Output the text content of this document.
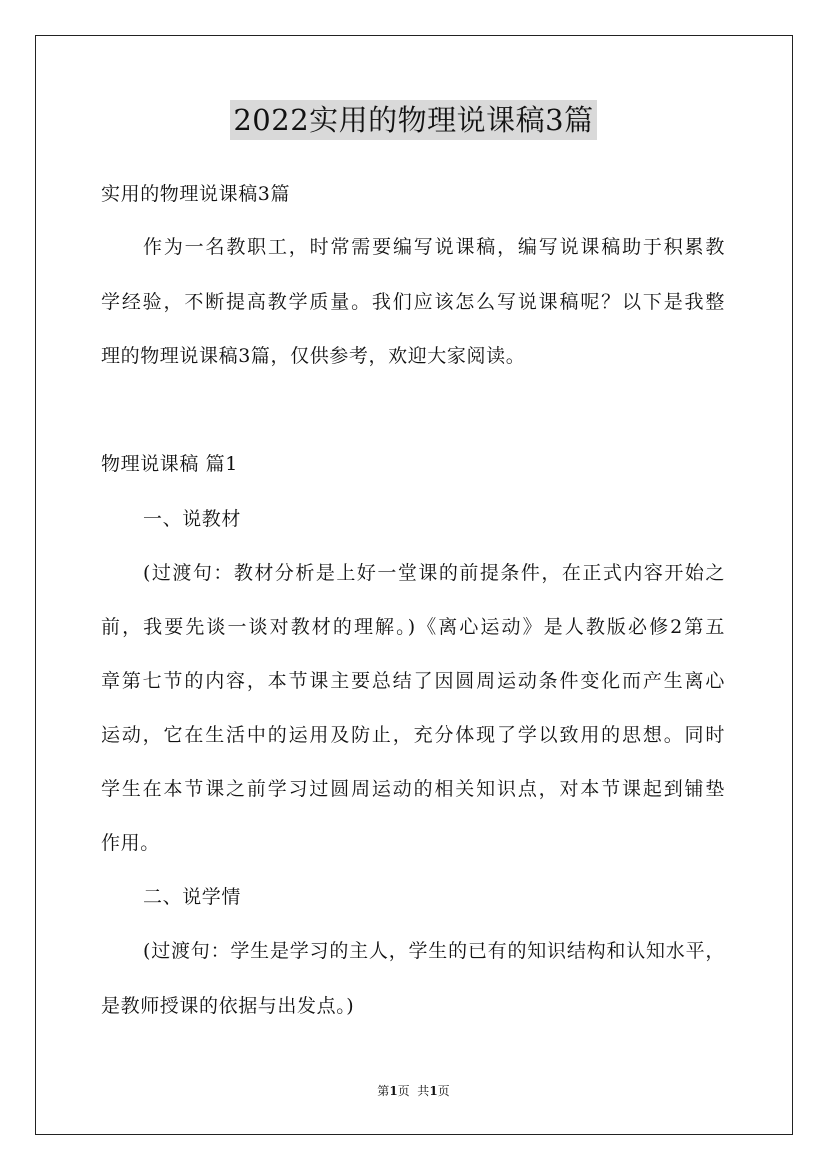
2022实用的物理说课稿3篇
实用的物理说课稿3篇
作为一名教职工，时常需要编写说课稿，编写说课稿助于积累教
学经验，不断提高教学质量。我们应该怎么写说课稿呢？以下是我整
理的物理说课稿3篇，仅供参考，欢迎大家阅读。
物理说课稿 篇1
一、说教材
(过渡句：教材分析是上好一堂课的前提条件，在正式内容开始之
前，我要先谈一谈对教材的理解。)《离心运动》是人教版必修2第五
章第七节的内容，本节课主要总结了因圆周运动条件变化而产生离心
运动，它在生活中的运用及防止，充分体现了学以致用的思想。同时
学生在本节课之前学习过圆周运动的相关知识点，对本节课起到铺垫
作用。
二、说学情
(过渡句：学生是学习的主人，学生的已有的知识结构和认知水平，
是教师授课的依据与出发点。)
第1页  共1页
